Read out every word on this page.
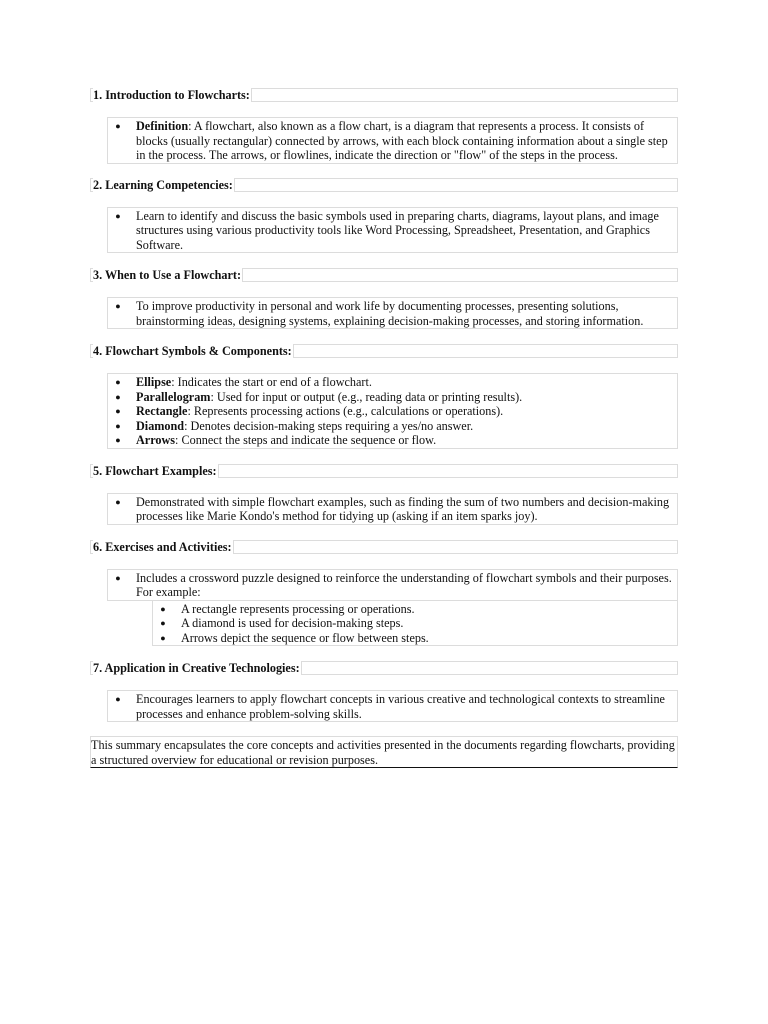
1. Introduction to Flowcharts:
● Definition: A flowchart, also known as a flow chart, is a diagram that represents a process. It consists of blocks (usually rectangular) connected by arrows, with each block containing information about a single step in the process. The arrows, or flowlines, indicate the direction or "flow" of the steps in the process.
2. Learning Competencies:
● Learn to identify and discuss the basic symbols used in preparing charts, diagrams, layout plans, and image structures using various productivity tools like Word Processing, Spreadsheet, Presentation, and Graphics Software.
3. When to Use a Flowchart:
● To improve productivity in personal and work life by documenting processes, presenting solutions, brainstorming ideas, designing systems, explaining decision-making processes, and storing information.
4. Flowchart Symbols & Components:
● Ellipse: Indicates the start or end of a flowchart.
● Parallelogram: Used for input or output (e.g., reading data or printing results).
● Rectangle: Represents processing actions (e.g., calculations or operations).
● Diamond: Denotes decision-making steps requiring a yes/no answer.
● Arrows: Connect the steps and indicate the sequence or flow.
5. Flowchart Examples:
● Demonstrated with simple flowchart examples, such as finding the sum of two numbers and decision-making processes like Marie Kondo's method for tidying up (asking if an item sparks joy).
6. Exercises and Activities:
● Includes a crossword puzzle designed to reinforce the understanding of flowchart symbols and their purposes. For example:
● A rectangle represents processing or operations.
● A diamond is used for decision-making steps.
● Arrows depict the sequence or flow between steps.
7. Application in Creative Technologies:
● Encourages learners to apply flowchart concepts in various creative and technological contexts to streamline processes and enhance problem-solving skills.
This summary encapsulates the core concepts and activities presented in the documents regarding flowcharts, providing a structured overview for educational or revision purposes.
